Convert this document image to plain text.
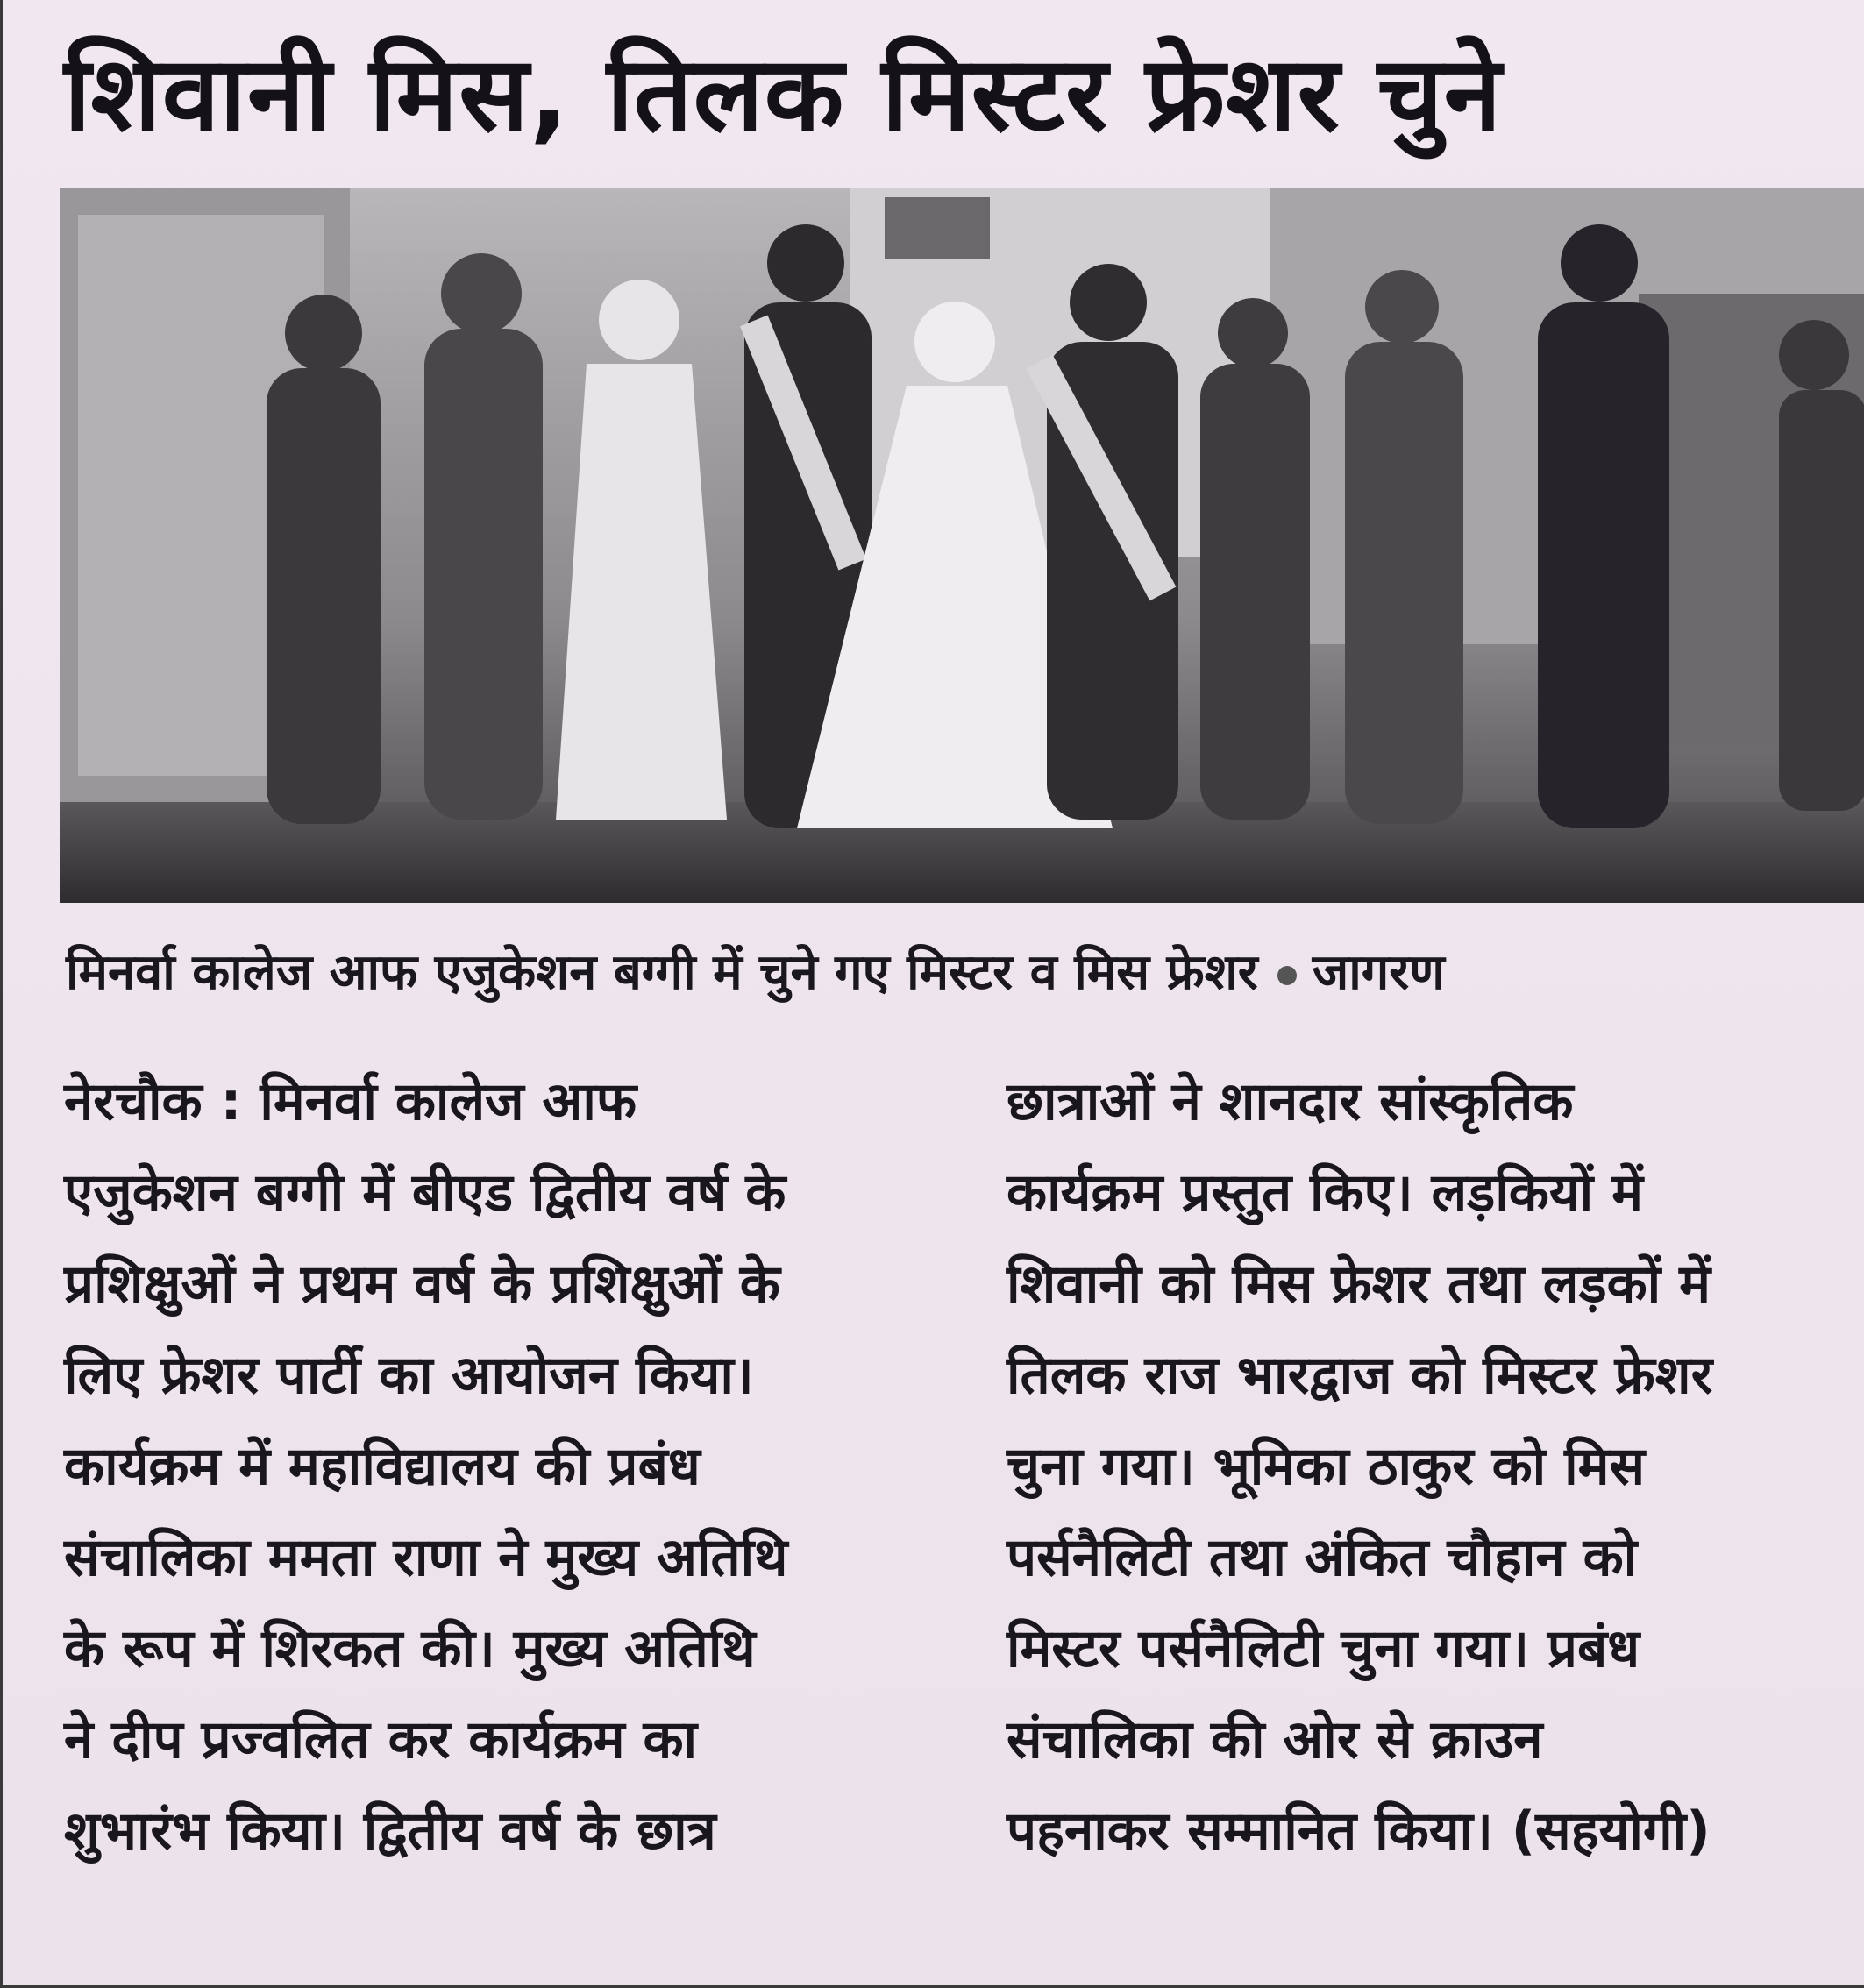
शिवानी मिस, तिलक मिस्टर फ्रेशर चुने
मिनर्वा कालेज आफ एजुकेशन बग्गी में चुने गए मिस्टर व मिस फ्रेशर जागरण
नेरचौक : मिनर्वा कालेज आफ
एजुकेशन बग्गी में बीएड द्वितीय वर्ष के
प्रशिक्षुओं ने प्रथम वर्ष के प्रशिक्षुओं के
लिए फ्रेशर पार्टी का आयोजन किया।
कार्यक्रम में महाविद्यालय की प्रबंध
संचालिका ममता राणा ने मुख्य अतिथि
के रूप में शिरकत की। मुख्य अतिथि
ने दीप प्रज्वलित कर कार्यक्रम का
शुभारंभ किया। द्वितीय वर्ष के छात्र
छात्राओं ने शानदार सांस्कृतिक
कार्यक्रम प्रस्तुत किए। लड़कियों में
शिवानी को मिस फ्रेशर तथा लड़कों में
तिलक राज भारद्वाज को मिस्टर फ्रेशर
चुना गया। भूमिका ठाकुर को मिस
पर्सनैलिटी तथा अंकित चौहान को
मिस्टर पर्सनैलिटी चुना गया। प्रबंध
संचालिका की ओर से क्राउन
पहनाकर सम्मानित किया। (सहयोगी)
